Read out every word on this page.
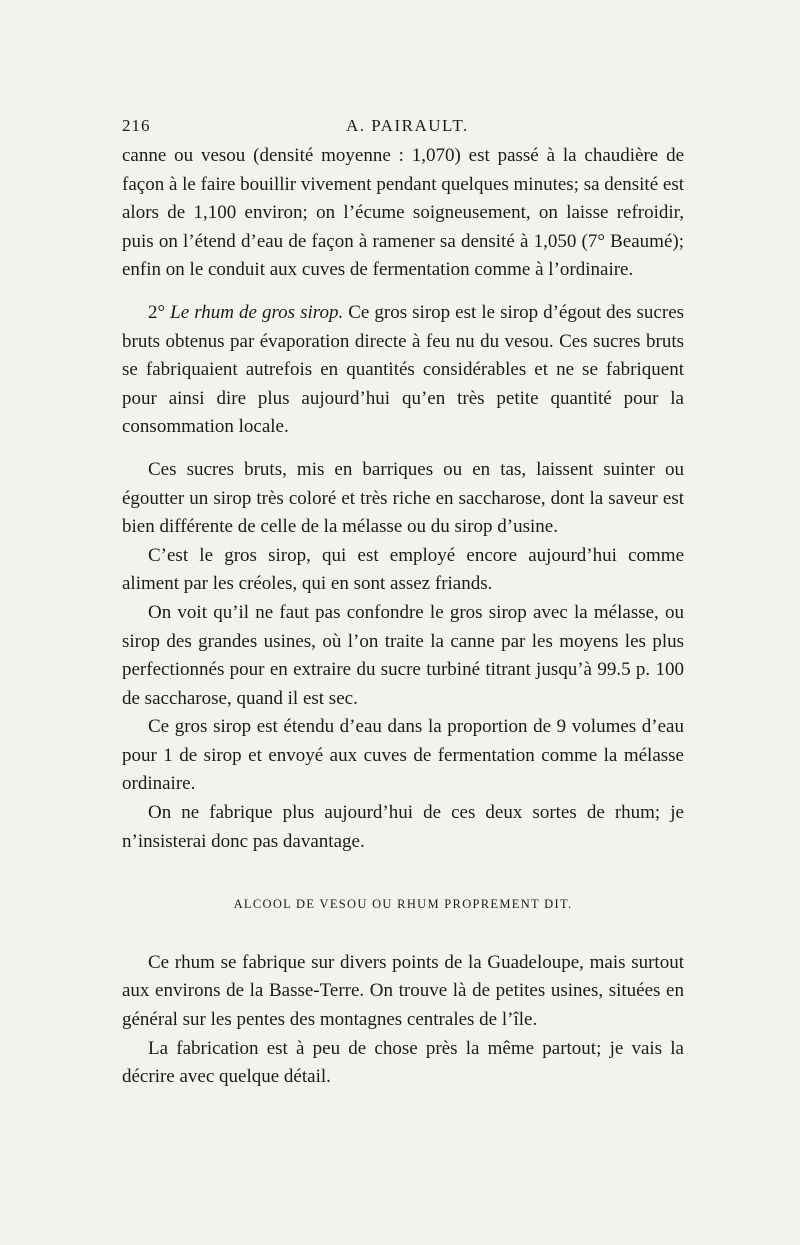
216	A. PAIRAULT.

canne ou vesou (densité moyenne : 1,070) est passé à la chaudière de façon à le faire bouillir vivement pendant quelques minutes; sa densité est alors de 1,100 environ; on l’écume soigneusement, on laisse refroidir, puis on l’étend d’eau de façon à ramener sa densité à 1,050 (7° Beaumé); enfin on le conduit aux cuves de fermentation comme à l’ordinaire.

2° Le rhum de gros sirop. Ce gros sirop est le sirop d’égout des sucres bruts obtenus par évaporation directe à feu nu du vesou. Ces sucres bruts se fabriquaient autrefois en quantités considérables et ne se fabriquent pour ainsi dire plus aujourd’hui qu’en très petite quantité pour la consommation locale.

Ces sucres bruts, mis en barriques ou en tas, laissent suinter ou égoutter un sirop très coloré et très riche en saccharose, dont la saveur est bien différente de celle de la mélasse ou du sirop d’usine.

C’est le gros sirop, qui est employé encore aujourd’hui comme aliment par les créoles, qui en sont assez friands.

On voit qu’il ne faut pas confondre le gros sirop avec la mélasse, ou sirop des grandes usines, où l’on traite la canne par les moyens les plus perfectionnés pour en extraire du sucre turbiné titrant jusqu’à 99.5 p. 100 de saccharose, quand il est sec.

Ce gros sirop est étendu d’eau dans la proportion de 9 volumes d’eau pour 1 de sirop et envoyé aux cuves de fermentation comme la mélasse ordinaire.

On ne fabrique plus aujourd’hui de ces deux sortes de rhum; je n’insisterai donc pas davantage.

ALCOOL DE VESOU OU RHUM PROPREMENT DIT.

Ce rhum se fabrique sur divers points de la Guadeloupe, mais surtout aux environs de la Basse-Terre. On trouve là de petites usines, situées en général sur les pentes des montagnes centrales de l’île.

La fabrication est à peu de chose près la même partout; je vais la décrire avec quelque détail.
